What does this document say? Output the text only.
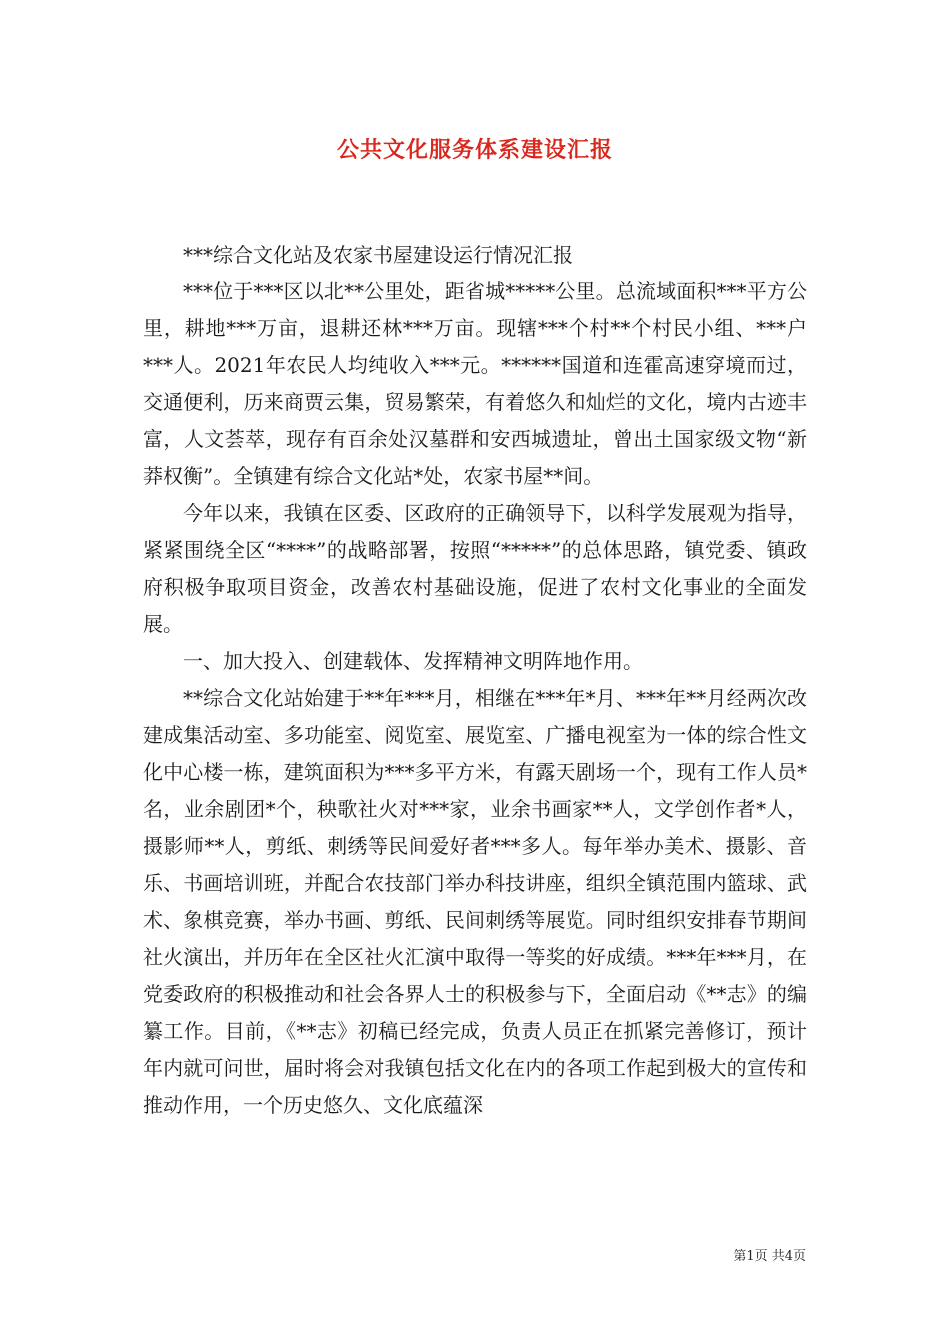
公共文化服务体系建设汇报

***综合文化站及农家书屋建设运行情况汇报

***位于***区以北**公里处，距省城*****公里。总流域面积***平方公里，耕地***万亩，退耕还林***万亩。现辖***个村**个村民小组、***户***人。2021年农民人均纯收入***元。******国道和连霍高速穿境而过，交通便利，历来商贾云集，贸易繁荣，有着悠久和灿烂的文化，境内古迹丰富，人文荟萃，现存有百余处汉墓群和安西城遗址，曾出土国家级文物“新莽权衡”。全镇建有综合文化站*处，农家书屋**间。

今年以来，我镇在区委、区政府的正确领导下，以科学发展观为指导，紧紧围绕全区“****”的战略部署，按照“*****”的总体思路，镇党委、镇政府积极争取项目资金，改善农村基础设施，促进了农村文化事业的全面发展。

一、加大投入、创建载体、发挥精神文明阵地作用。

**综合文化站始建于**年***月，相继在***年*月、***年**月经两次改建成集活动室、多功能室、阅览室、展览室、广播电视室为一体的综合性文化中心楼一栋，建筑面积为***多平方米，有露天剧场一个，现有工作人员*名，业余剧团*个，秧歌社火对***家，业余书画家**人，文学创作者*人，摄影师**人，剪纸、刺绣等民间爱好者***多人。每年举办美术、摄影、音乐、书画培训班，并配合农技部门举办科技讲座，组织全镇范围内篮球、武术、象棋竞赛，举办书画、剪纸、民间刺绣等展览。同时组织安排春节期间社火演出，并历年在全区社火汇演中取得一等奖的好成绩。***年***月，在党委政府的积极推动和社会各界人士的积极参与下，全面启动《**志》的编纂工作。目前，《**志》初稿已经完成，负责人员正在抓紧完善修订，预计年内就可问世，届时将会对我镇包括文化在内的各项工作起到极大的宣传和推动作用，一个历史悠久、文化底蕴深

第1页 共4页
